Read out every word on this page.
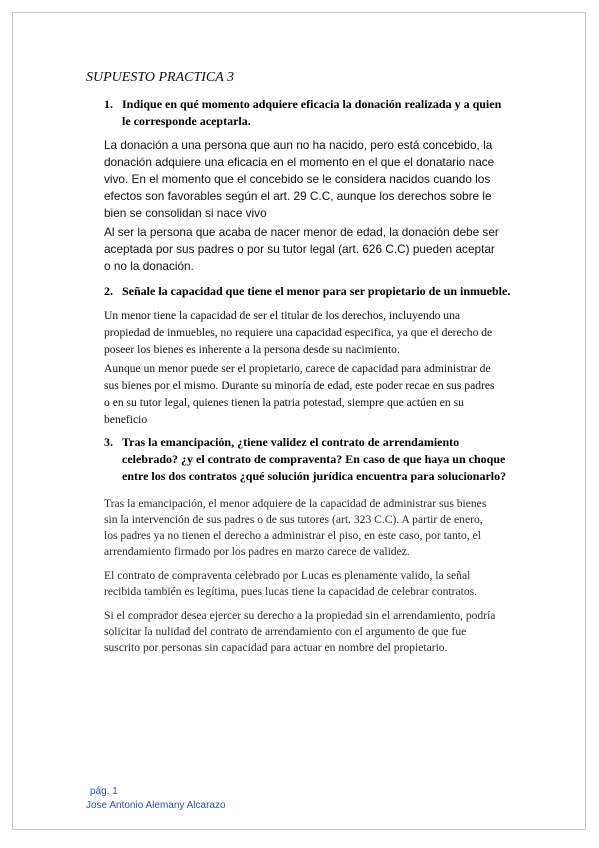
SUPUESTO PRACTICA 3
1. Indique en qué momento adquiere eficacia la donación realizada y a quien
le corresponde aceptarla.
La donación a una persona que aun no ha nacido, pero está concebido, la
donación adquiere una eficacia en el momento en el que el donatario nace
vivo. En el momento que el concebido se le considera nacidos cuando los
efectos son favorables según el art. 29 C.C, aunque los derechos sobre le
bien se consolidan si nace vivo
Al ser la persona que acaba de nacer menor de edad, la donación debe ser
aceptada por sus padres o por su tutor legal (art. 626 C.C) pueden aceptar
o no la donación.
2. Señale la capacidad que tiene el menor para ser propietario de un inmueble.
Un menor tiene la capacidad de ser el titular de los derechos, incluyendo una
propiedad de inmuebles, no requiere una capacidad especifica, ya que el derecho de
poseer los bienes es inherente a la persona desde su nacimiento.
Aunque un menor puede ser el propietario, carece de capacidad para administrar de
sus bienes por el mismo. Durante su minoría de edad, este poder recae en sus padres
o en su tutor legal, quienes tienen la patria potestad, siempre que actúen en su
beneficio
3. Tras la emancipación, ¿tiene validez el contrato de arrendamiento
celebrado? ¿y el contrato de compraventa? En caso de que haya un choque
entre los dos contratos ¿qué solución jurídica encuentra para solucionarlo?
Tras la emancipación, el menor adquiere de la capacidad de administrar sus bienes
sin la intervención de sus padres o de sus tutores (art. 323 C.C). A partir de enero,
los padres ya no tienen el derecho a administrar el piso, en este caso, por tanto, el
arrendamiento firmado por los padres en marzo carece de validez.
El contrato de compraventa celebrado por Lucas es plenamente valido, la señal
recibida también es legítima, pues lucas tiene la capacidad de celebrar contratos.
Si el comprador desea ejercer su derecho a la propiedad sin el arrendamiento, podría
solicitar la nulidad del contrato de arrendamiento con el argumento de que fue
suscrito por personas sin capacidad para actuar en nombre del propietario.
pág. 1
Jose Antonio Alemany Alcarazo
